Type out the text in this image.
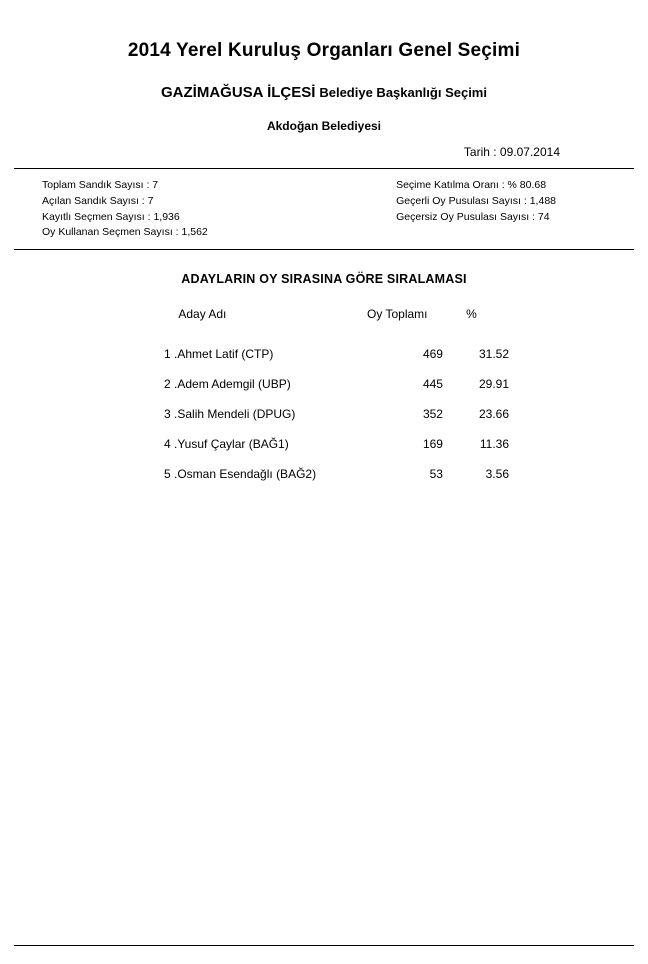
2014 Yerel Kuruluş Organları Genel Seçimi
GAZİMAĞUSA İLÇESİ Belediye Başkanlığı Seçimi
Akdoğan Belediyesi
Tarih : 09.07.2014
Toplam Sandık Sayısı : 7
Açılan Sandık Sayısı : 7
Kayıtlı Seçmen Sayısı : 1,936
Oy Kullanan Seçmen Sayısı : 1,562
Seçime Katılma Oranı : % 80.68
Geçerli Oy Pusulası Sayısı : 1,488
Geçersiz Oy Pusulası Sayısı : 74
ADAYLARIN OY SIRASINA GÖRE SIRALAMASI
	Aday Adı	Oy Toplamı	%
1 .	Ahmet Latif (CTP)	469	31.52
2 .	Adem Ademgil (UBP)	445	29.91
3 .	Salih Mendeli (DPUG)	352	23.66
4 .	Yusuf Çaylar (BAĞ1)	169	11.36
5 .	Osman Esendağlı (BAĞ2)	53	3.56
